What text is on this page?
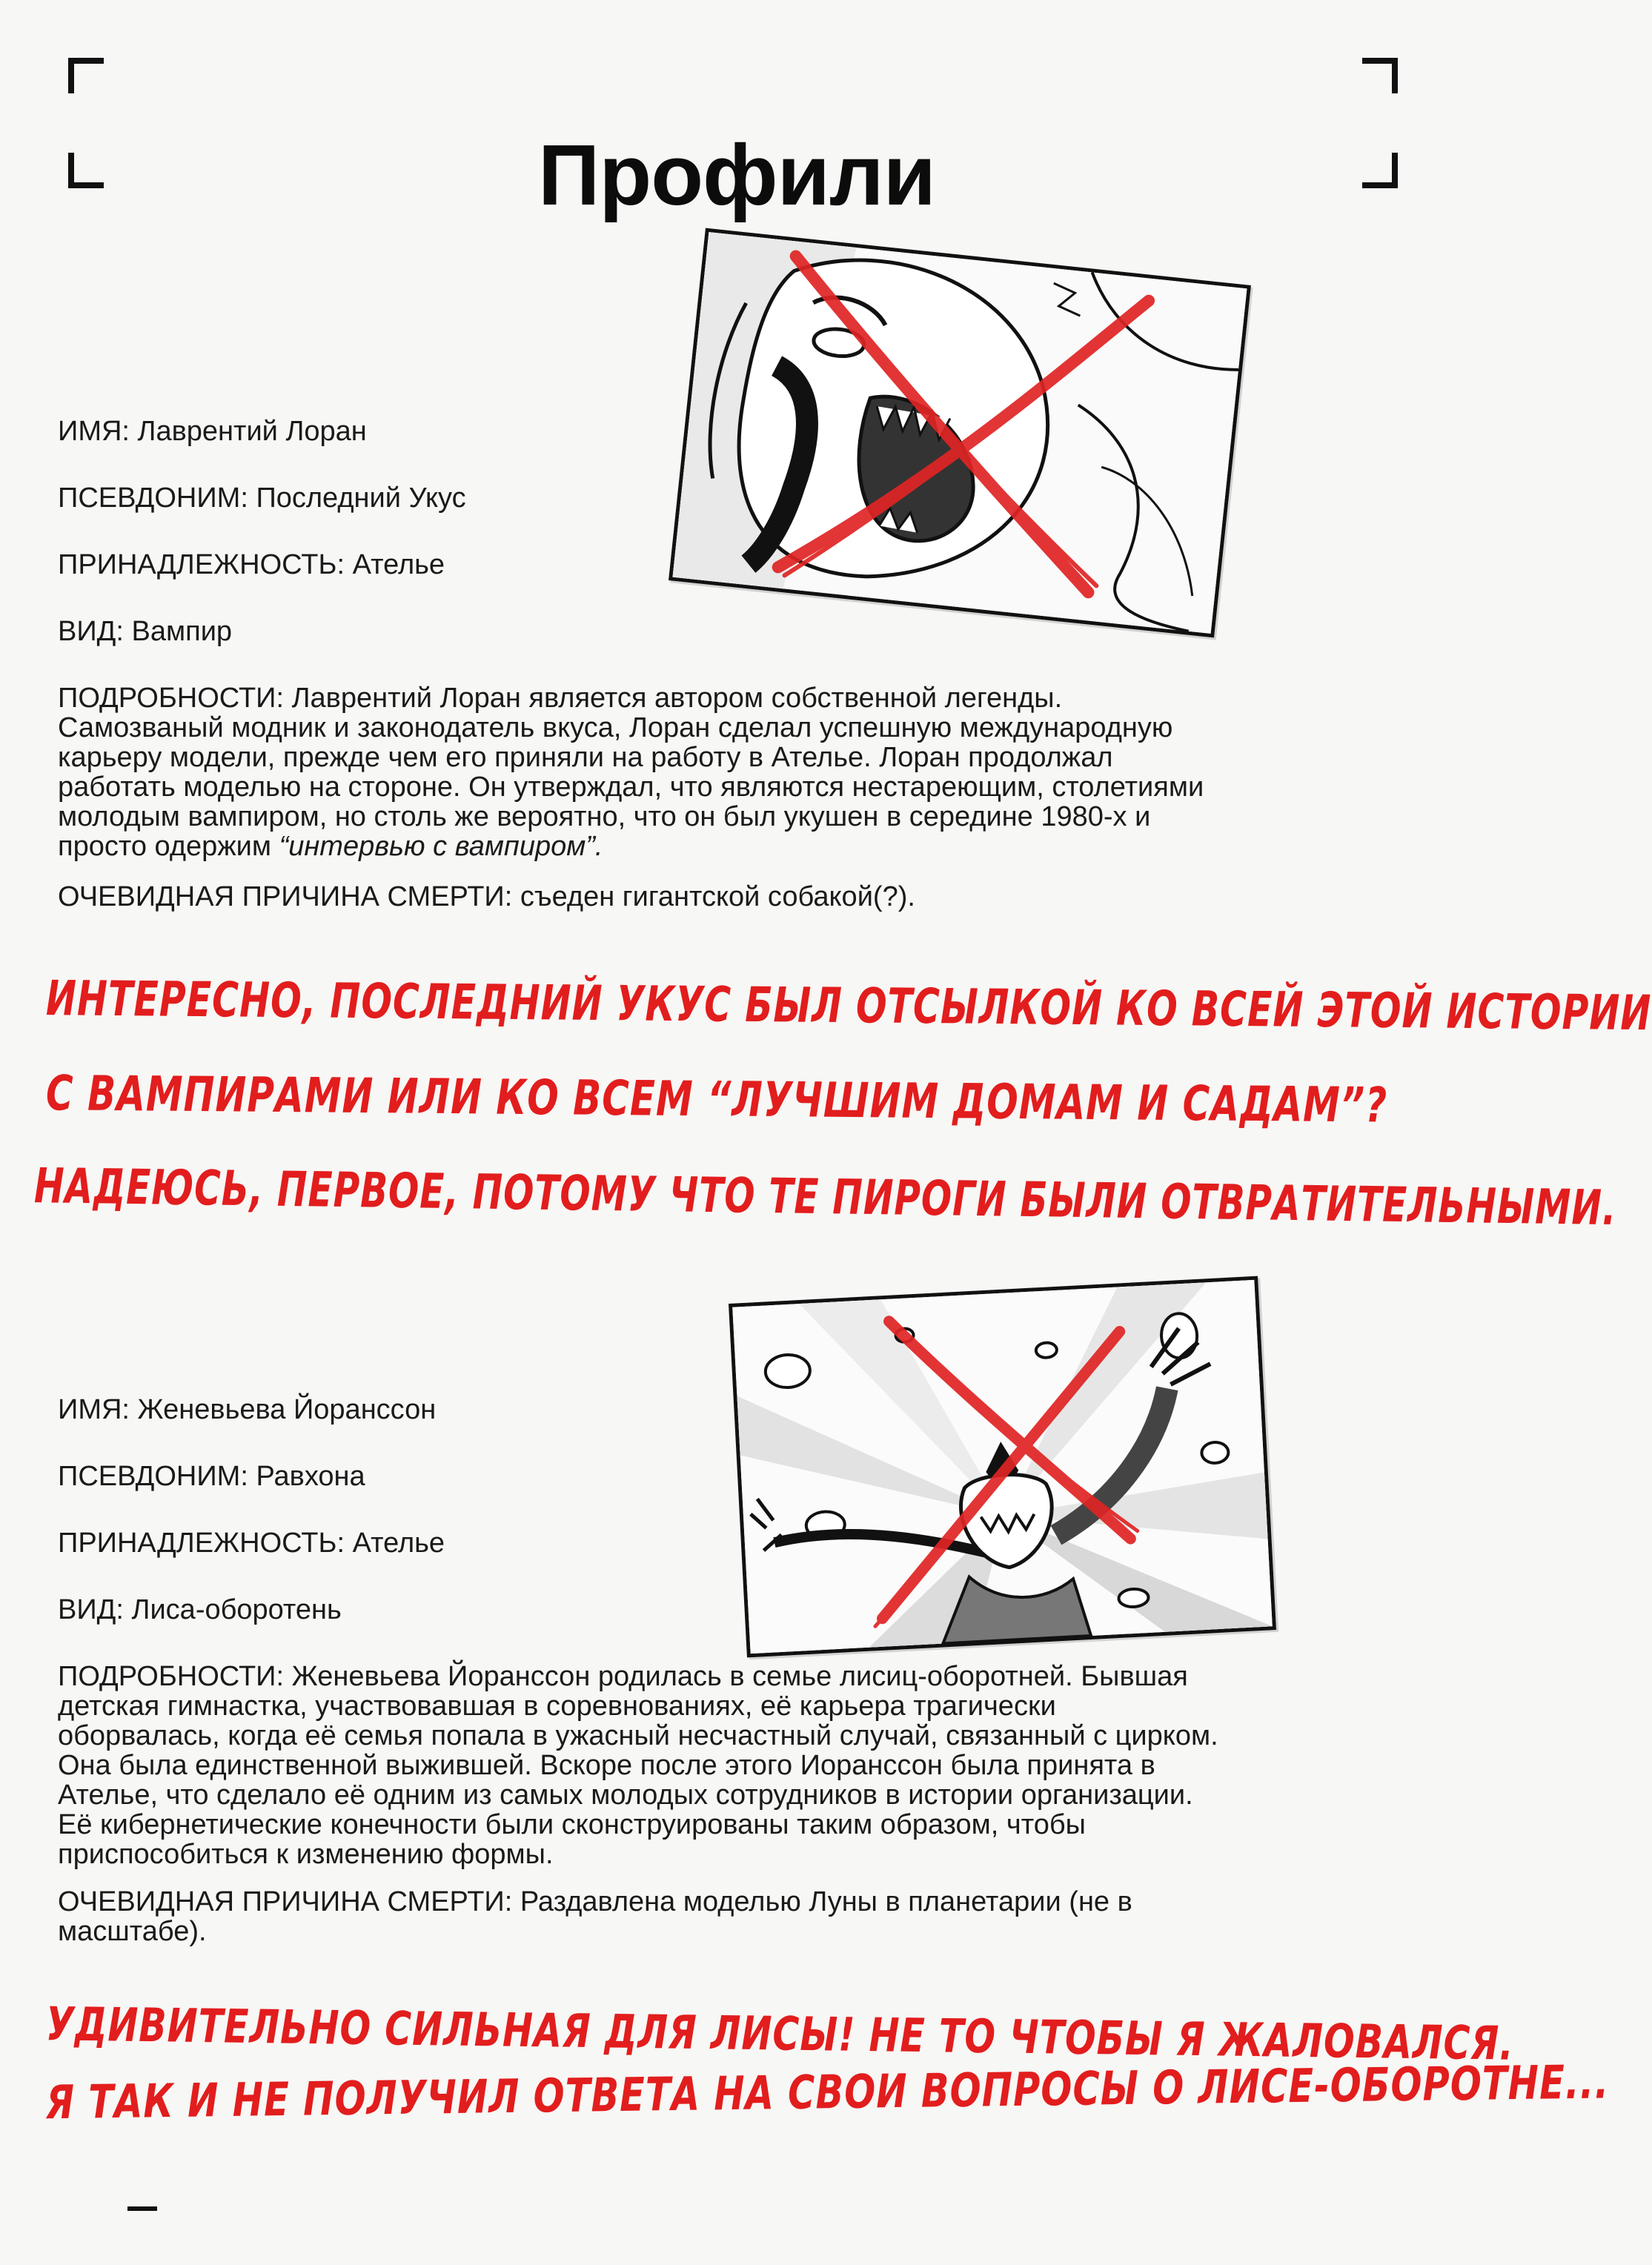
Профили
ИМЯ: Лаврентий Лоран
ПСЕВДОНИМ: Последний Укус
ПРИНАДЛЕЖНОСТЬ: Ателье
ВИД: Вампир
ПОДРОБНОСТИ: Лаврентий Лоран является автором собственной легенды.
Самозваный модник и законодатель вкуса, Лоран сделал успешную международную
карьеру модели, прежде чем его приняли на работу в Ателье. Лоран продолжал
работать моделью на стороне. Он утверждал, что являются нестареющим, столетиями
молодым вампиром, но столь же вероятно, что он был укушен в середине 1980-х и
просто одержим “интервью с вампиром”.
ОЧЕВИДНАЯ ПРИЧИНА СМЕРТИ: съеден гигантской собакой(?).
ИНТЕРЕСНО, ПОСЛЕДНИЙ УКУС БЫЛ ОТСЫЛКОЙ КО ВСЕЙ ЭТОЙ ИСТОРИИ
С ВАМПИРАМИ ИЛИ КО ВСЕМ “ЛУЧШИМ ДОМАМ И САДАМ”?
НАДЕЮСЬ, ПЕРВОЕ, ПОТОМУ ЧТО ТЕ ПИРОГИ БЫЛИ ОТВРАТИТЕЛЬНЫМИ.
ИМЯ: Женевьева Йоранссон
ПСЕВДОНИМ: Равхона
ПРИНАДЛЕЖНОСТЬ: Ателье
ВИД: Лиса-оборотень
ПОДРОБНОСТИ: Женевьева Йоранссон родилась в семье лисиц-оборотней. Бывшая
детская гимнастка, участвовавшая в соревнованиях, её карьера трагически
оборвалась, когда её семья попала в ужасный несчастный случай, связанный с цирком.
Она была единственной выжившей. Вскоре после этого Иоранссон была принята в
Ателье, что сделало её одним из самых молодых сотрудников в истории организации.
Её кибернетические конечности были сконструированы таким образом, чтобы
приспособиться к изменению формы.
ОЧЕВИДНАЯ ПРИЧИНА СМЕРТИ: Раздавлена моделью Луны в планетарии (не в
масштабе).
УДИВИТЕЛЬНО СИЛЬНАЯ ДЛЯ ЛИСЫ! НЕ ТО ЧТОБЫ Я ЖАЛОВАЛСЯ.
Я ТАК И НЕ ПОЛУЧИЛ ОТВЕТА НА СВОИ ВОПРОСЫ О ЛИСЕ-ОБОРОТНЕ...
